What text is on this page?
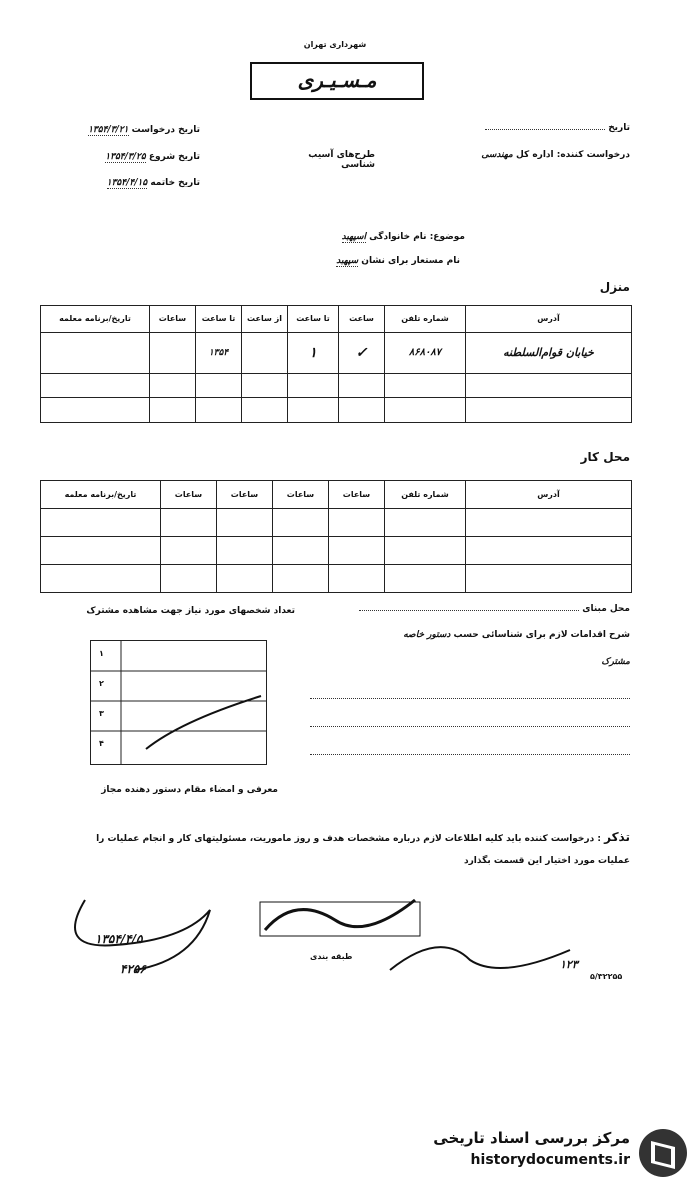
شهرداری تهران
مـسـیـری
تاریخ
درخواست کننده: اداره کل مهندسی
طرح‌های آسیب شناسی
تاریخ درخواست ۱۳۵۴/۳/۲۱
تاریخ شروع ۱۳۵۴/۳/۲۵
تاریخ خاتمه ۱۳۵۴/۴/۱۵
موضوع: نام خانوادگی اسپهبد
نام مستعار برای نشان سپهبد
منزل
آدرس	شماره تلفن	ساعت	تا ساعت	از ساعت	تا ساعت	ساعات	تاریخ/برنامه معلمه
خیابان قوام‌السلطنه	۸۶۸۰۸۷	✓	۱		۱۳۵۴		

محل کار
آدرس	شماره تلفن	ساعات	ساعات	ساعات	ساعات	تاریخ/برنامه معلمه

محل مبنای
تعداد شخصهای مورد نیاز جهت مشاهده مشترک
شرح اقدامات لازم برای شناسائی حسب دستور خاصه
مشترک
۱
۲
۳
۴
معرفی و امضاء مقام دستور دهنده مجاز
تذکر : درخواست کننده باید کلیه اطلاعات لازم درباره مشخصات هدف و روز ماموریت، مسئولیتهای کار و انجام عملیات را
عملیات مورد اختیار این قسمت بگذارد
۱۳۵۴/۴/۵
۴۲۵۶
طبقه بندی
۱۲۳
۵/۳۲۲۵۵
مرکز بررسی اسناد تاریخی
historydocuments.ir
